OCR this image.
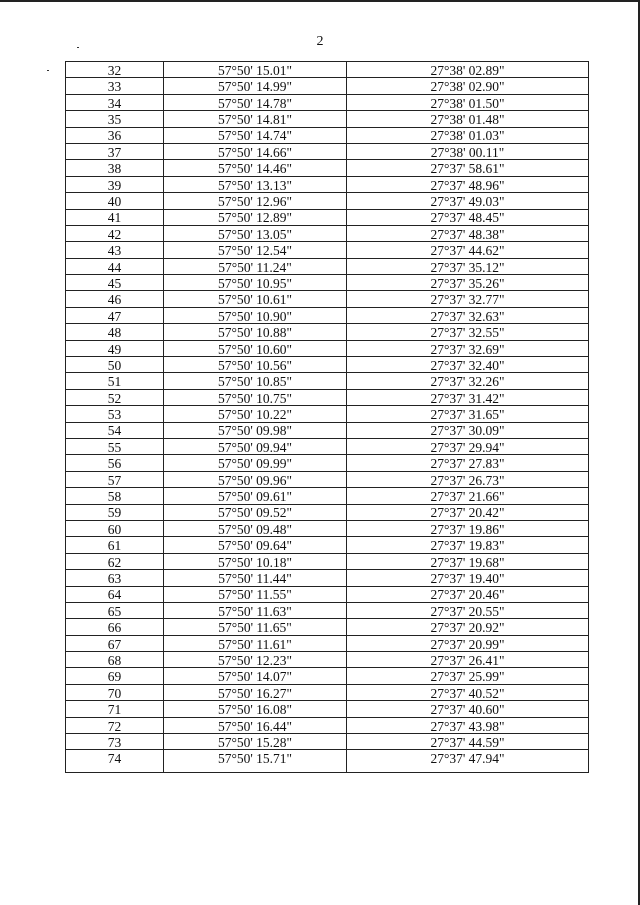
2
32	57°50' 15.01"	27°38' 02.89"
33	57°50' 14.99"	27°38' 02.90"
34	57°50' 14.78"	27°38' 01.50"
35	57°50' 14.81"	27°38' 01.48"
36	57°50' 14.74"	27°38' 01.03"
37	57°50' 14.66"	27°38' 00.11"
38	57°50' 14.46"	27°37' 58.61"
39	57°50' 13.13"	27°37' 48.96"
40	57°50' 12.96"	27°37' 49.03"
41	57°50' 12.89"	27°37' 48.45"
42	57°50' 13.05"	27°37' 48.38"
43	57°50' 12.54"	27°37' 44.62"
44	57°50' 11.24"	27°37' 35.12"
45	57°50' 10.95"	27°37' 35.26"
46	57°50' 10.61"	27°37' 32.77"
47	57°50' 10.90"	27°37' 32.63"
48	57°50' 10.88"	27°37' 32.55"
49	57°50' 10.60"	27°37' 32.69"
50	57°50' 10.56"	27°37' 32.40"
51	57°50' 10.85"	27°37' 32.26"
52	57°50' 10.75"	27°37' 31.42"
53	57°50' 10.22"	27°37' 31.65"
54	57°50' 09.98"	27°37' 30.09"
55	57°50' 09.94"	27°37' 29.94"
56	57°50' 09.99"	27°37' 27.83"
57	57°50' 09.96"	27°37' 26.73"
58	57°50' 09.61"	27°37' 21.66"
59	57°50' 09.52"	27°37' 20.42"
60	57°50' 09.48"	27°37' 19.86"
61	57°50' 09.64"	27°37' 19.83"
62	57°50' 10.18"	27°37' 19.68"
63	57°50' 11.44"	27°37' 19.40"
64	57°50' 11.55"	27°37' 20.46"
65	57°50' 11.63"	27°37' 20.55"
66	57°50' 11.65"	27°37' 20.92"
67	57°50' 11.61"	27°37' 20.99"
68	57°50' 12.23"	27°37' 26.41"
69	57°50' 14.07"	27°37' 25.99"
70	57°50' 16.27"	27°37' 40.52"
71	57°50' 16.08"	27°37' 40.60"
72	57°50' 16.44"	27°37' 43.98"
73	57°50' 15.28"	27°37' 44.59"
74	57°50' 15.71"	27°37' 47.94"
